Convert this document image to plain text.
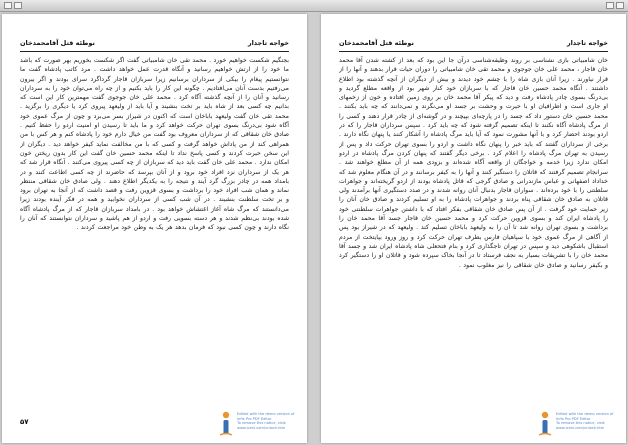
خواجه تاجدار
نوطئه قتل آقامحمدخان
بجنگیم شکست خواهیم خورد . محمد تقی خان شامبیاتی گفت اگر شکست بخوریم بهر صورت که باشد ما خود را از ارتش خواهیم رسانید و آنگاه قدرت عمل خواهد داشت . مرد کاتب پادشاه گفت ما نتوانستیم پیغام را بیکی از سرداران برسانیم زیرا سربازان قاجار گرداگرد سرای بودند و اگر بیرون می‌رفتیم بدست آنان می‌افتادیم . چگونه این کار را باید بکنیم و از چه راه می‌توان خود را به سرداران رسانید و آنان را از آنچه گذشته آگاه کرد . محمد علی خان جوجوی گفت مهمترین کار این است که بدانیم چه کسی بعد از شاه باید بر تخت بنشیند و آیا باید از ولیعهد پیروی کرد یا دیگری را برگزید . محمد تقی خان گفت ولیعهد باباخان است که اکنون در شیراز بسر می‌برد و چون از مرگ عموی خود آگاه شود بی‌درنگ بسوی تهران حرکت خواهد کرد و ما باید تا رسیدن او امنیت اردو را حفظ کنیم . صادق خان شقاقی که از سرداران معروف بود گفت من خیال دارم خود را پادشاه کنم و هر کس با من همراهی کند از من پاداش خواهد گرفت و کسی که با من مخالفت نماید کیفر خواهد دید . دیگران از این سخن حیرت کردند و کسی پاسخ نداد تا اینکه محمد حسین خان گفت این کار بدون ریختن خون امکان ندارد . محمد علی خان گفت باید دید که سربازان از چه کسی پیروی می‌کنند . آنگاه قرار شد که هر یک از سرداران نزد افراد خود برود و از آنان بپرسد که حاضرند از چه کسی اطاعت کنند و در بامداد همه در چادر بزرگ گرد آیند و نتیجه را به یکدیگر اطلاع دهند . ولی صادق خان شقاقی منتظر نماند و همان شب افراد خود را برداشت و بسوی قزوین رفت و قصد داشت که از آنجا به تهران برود و بر تخت سلطنت بنشیند . در آن شب کسی از سرداران نخوابید و همه در فکر آینده بودند زیرا می‌دانستند که مرگ شاه آغاز اغتشاش خواهد بود . در بامداد سربازان قاجار که از مرگ پادشاه آگاه شده بودند بی‌نظم شدند و هر دسته بسویی رفت و اردو از هم پاشید و سرداران نتوانستند که آنان را نگاه دارند و چون کسی نبود که فرمان بدهد هر یک به وطن خود مراجعت کردند .
۵۷
Edited with the demo version of
Infix Pro PDF Editor
To remove this notice, visit:
www.iceni.com/unlock.htm
خواجه تاجدار
نوطئه قتل آقامحمدخان
خان شامبیاتی بازی نشناسی بر روند وظیفه‌شناسی درآن جا این بود که بعد از کشته شدن آقا محمد خان قاجار ، محمد علی خان جوجوی و محمد تقی خان شامبیاتی را دوران حیات قرار بدهند و آنها را از قرار نیاورند . زیرا آنان بازی شاه را با چشم خود دیدند و بیش از دیگران از آنچه گذشته بود اطلاع داشتند . آنگاه محمد حسین خان قاجار که با سربازان خود کنار شهر بود از واقعه مطلع گردید و بی‌درنگ بسوی چادر پادشاه رفت و دید که پیکر آقا محمد خان بر روی زمین افتاده و خون از زخمهای او جاری است و اطرافیان او با حیرت و وحشت بر جسد او می‌نگرند و نمی‌دانند که چه باید بکنند . محمد حسین خان دستور داد که جسد را در پارچه‌ای بپیچند و در گوشه‌ای از چادر قرار دهند و کسی را از مرگ پادشاه آگاه نکنند تا اینکه تصمیم گرفته شود که چه باید کرد . سپس سرداران قاجار را که در اردو بودند احضار کرد و با آنها مشورت نمود که آیا باید مرگ پادشاه را آشکار کنند یا پنهان نگاه دارند . برخی از سرداران گفتند که باید خبر را پنهان نگاه داشت و اردو را بسوی تهران حرکت داد و پس از رسیدن به تهران مرگ پادشاه را اعلام کرد . برخی دیگر گفتند که پنهان کردن مرگ پادشاه در اردو امکان ندارد زیرا خدمه و خواجگان از واقعه آگاه شده‌اند و بزودی همه از آن مطلع خواهند شد . سرانجام تصمیم گرفتند که قاتلان را دستگیر کنند و آنها را به کیفر برسانند و در آن هنگام معلوم شد که خداداد اصفهانی و عباس مازندرانی و صادق گرجی که قاتل پادشاه بودند از اردو گریخته‌اند و جواهرات سلطنتی را با خود برده‌اند . سواران قاجار بدنبال آنان روانه شدند و در صدد دستگیری آنها برآمدند ولی قاتلان به صادق خان شقاقی پناه بردند و جواهرات پادشاه را به او تسلیم کردند و صادق خان آنان را زیر حمایت خود گرفت . از آن پس صادق خان شقاقی بفکر افتاد که با داشتن جواهرات سلطنتی خود را پادشاه ایران کند و بسوی قزوین حرکت کرد و محمد حسین خان قاجار جسد آقا محمد خان را برداشت و بسوی تهران روانه شد تا آن را به ولیعهد باباخان تسلیم کند . ولیعهد که در شیراز بود پس از آگاهی از مرگ عموی خود با سپاهیان فارس بطرف تهران حرکت کرد و روز ورود بپایتخت از مردم استقبال باشکوهی دید و سپس در تهران تاجگذاری کرد و بنام فتحعلی شاه پادشاه ایران شد و جسد آقا محمد خان را با تشریفات بسیار به نجف فرستاد تا در آنجا بخاک سپرده شود و قاتلان او را دستگیر کرد و بکیفر رسانید و صادق خان شقاقی را نیز مغلوب نمود .
Edited with the demo version of
Infix Pro PDF Editor
To remove this notice, visit:
www.iceni.com/unlock.htm
